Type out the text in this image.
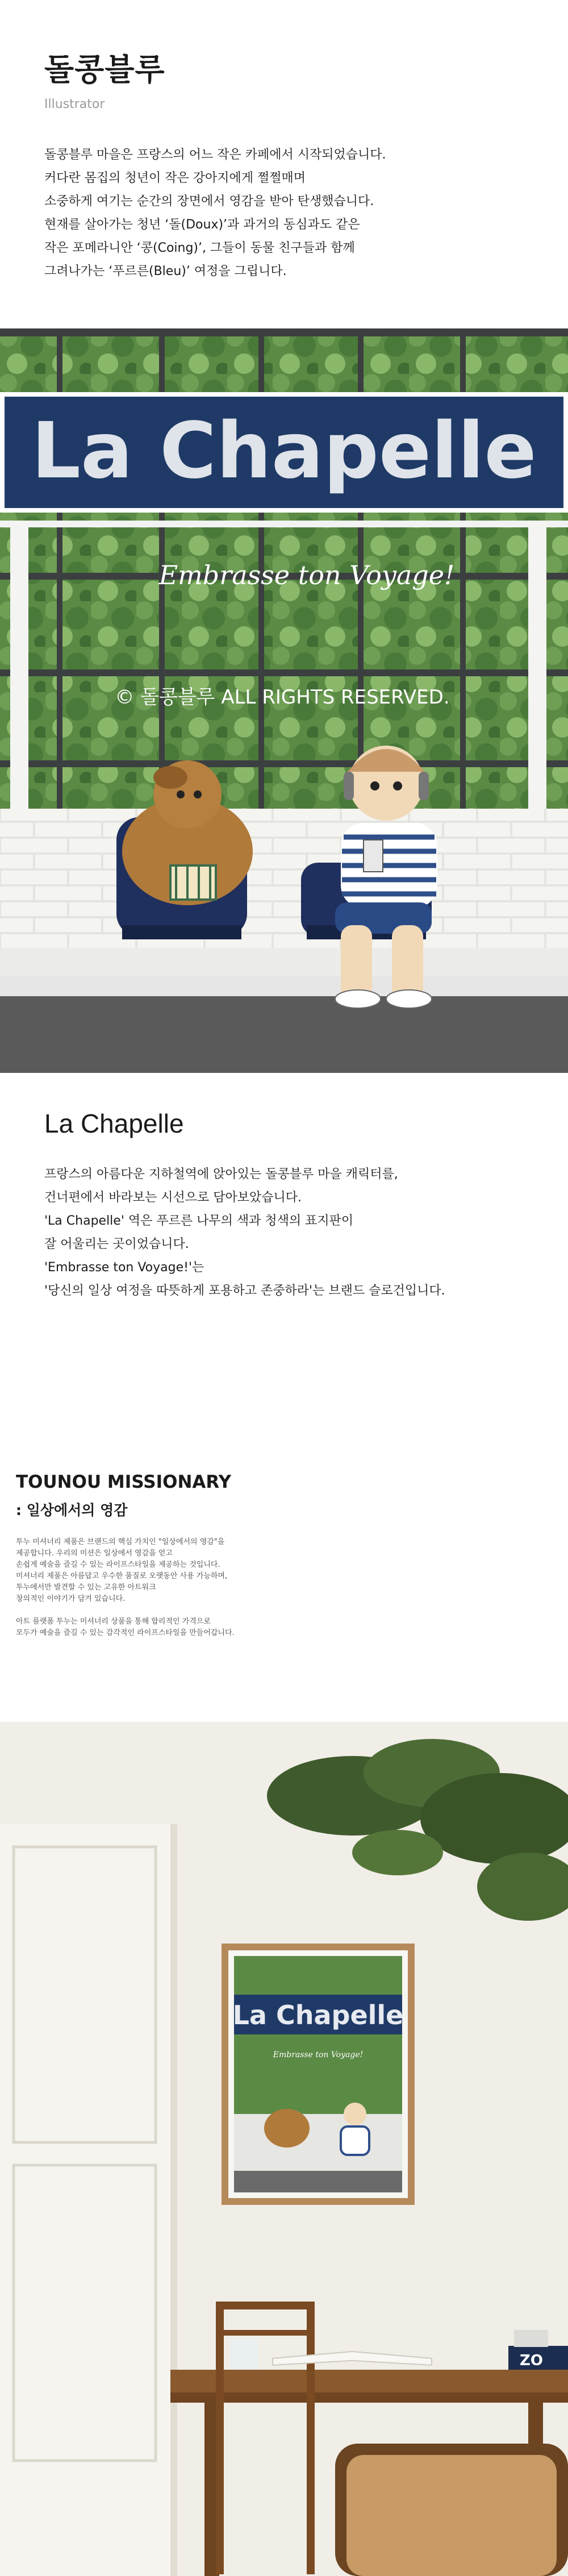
돌콩블루
Illustrator
돌콩블루 마을은 프랑스의 어느 작은 카페에서 시작되었습니다.
커다란 몸집의 청년이 작은 강아지에게 쩔쩔매며
소중하게 여기는 순간의 장면에서 영감을 받아 탄생했습니다.
현재를 살아가는 청년 ‘돌(Doux)’과 과거의 동심과도 같은
작은 포메라니안 ‘콩(Coing)’, 그들이 동물 친구들과 함께
그려나가는 ‘푸르른(Bleu)’ 여정을 그립니다.
La Chapelle
Embrasse ton Voyage!
© 돌콩블루 ALL RIGHTS RESERVED.
La Chapelle
프랑스의 아름다운 지하철역에 앉아있는 돌콩블루 마을 캐릭터를,
건너편에서 바라보는 시선으로 담아보았습니다.
'La Chapelle' 역은 푸르른 나무의 색과 청색의 표지판이
잘 어울리는 곳이었습니다.
'Embrasse ton Voyage!'는
'당신의 일상 여정을 따뜻하게 포용하고 존중하라'는 브랜드 슬로건입니다.
TOUNOU MISSIONARY
: 일상에서의 영감
투누 미셔너리 제품은 브랜드의 핵심 가치인 "일상에서의 영감"을
제공합니다. 우리의 미션은 일상에서 영감을 얻고
손쉽게 예술을 즐길 수 있는 라이프스타일을 제공하는 것입니다.
미셔너리 제품은 아름답고 우수한 품질로 오랫동안 사용 가능하며,
투누에서만 발견할 수 있는 고유한 아트워크
창의적인 이야기가 담겨 있습니다.
아트 플랫폼 투누는 미셔너리 상품을 통해 합리적인 가격으로
모두가 예술을 즐길 수 있는 감각적인 라이프스타일을 만들어갑니다.
La Chapelle
Embrasse ton Voyage!
ZO
